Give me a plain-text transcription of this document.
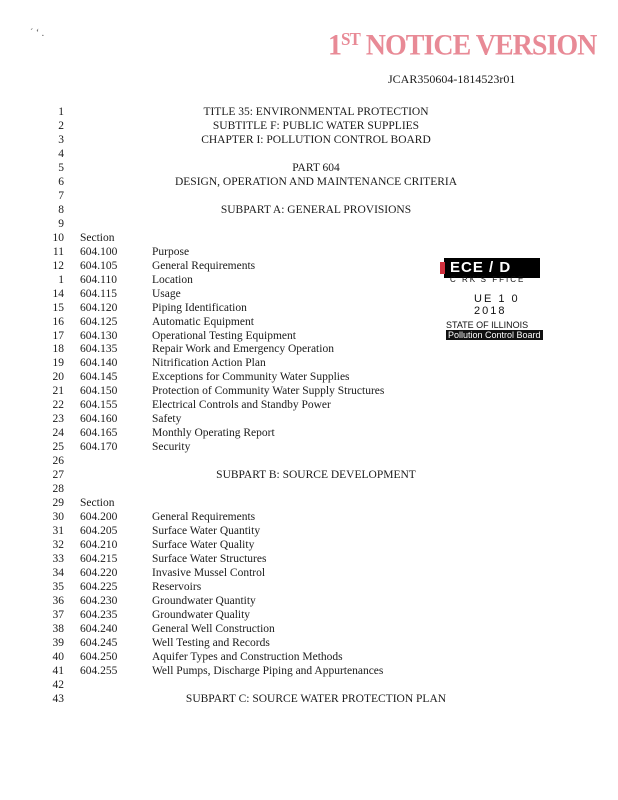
´ ‘ .	1ST NOTICE VERSION
JCAR350604-1814523r01
1	TITLE 35: ENVIRONMENTAL PROTECTION
2	SUBTITLE F: PUBLIC WATER SUPPLIES
3	CHAPTER I: POLLUTION CONTROL BOARD
4
5	PART 604
6	DESIGN, OPERATION AND MAINTENANCE CRITERIA
7
8	SUBPART A: GENERAL PROVISIONS
9
10 Section
11 604.100	Purpose
12 604.105	General Requirements
1 604.110	Location
14 604.115	Usage
15 604.120	Piping Identification
16 604.125	Automatic Equipment
17 604.130	Operational Testing Equipment
18 604.135	Repair Work and Emergency Operation
19 604.140	Nitrification Action Plan
20 604.145	Exceptions for Community Water Supplies
21 604.150	Protection of Community Water Supply Structures
22 604.155	Electrical Controls and Standby Power
23 604.160	Safety
24 604.165	Monthly Operating Report
25 604.170	Security
26
27	SUBPART B: SOURCE DEVELOPMENT
28
29 Section
30 604.200	General Requirements
31 604.205	Surface Water Quantity
32 604.210	Surface Water Quality
33 604.215	Surface Water Structures
34 604.220	Invasive Mussel Control
35 604.225	Reservoirs
36 604.230	Groundwater Quantity
37 604.235	Groundwater Quality
38 604.240	General Well Construction
39 604.245	Well Testing and Records
40 604.250	Aquifer Types and Construction Methods
41 604.255	Well Pumps, Discharge Piping and Appurtenances
42
43	SUBPART C: SOURCE WATER PROTECTION PLAN
ECE / D
C RK'S FFICE
UE 1 0 2018
STATE OF ILLINOIS
Pollution Control Board
